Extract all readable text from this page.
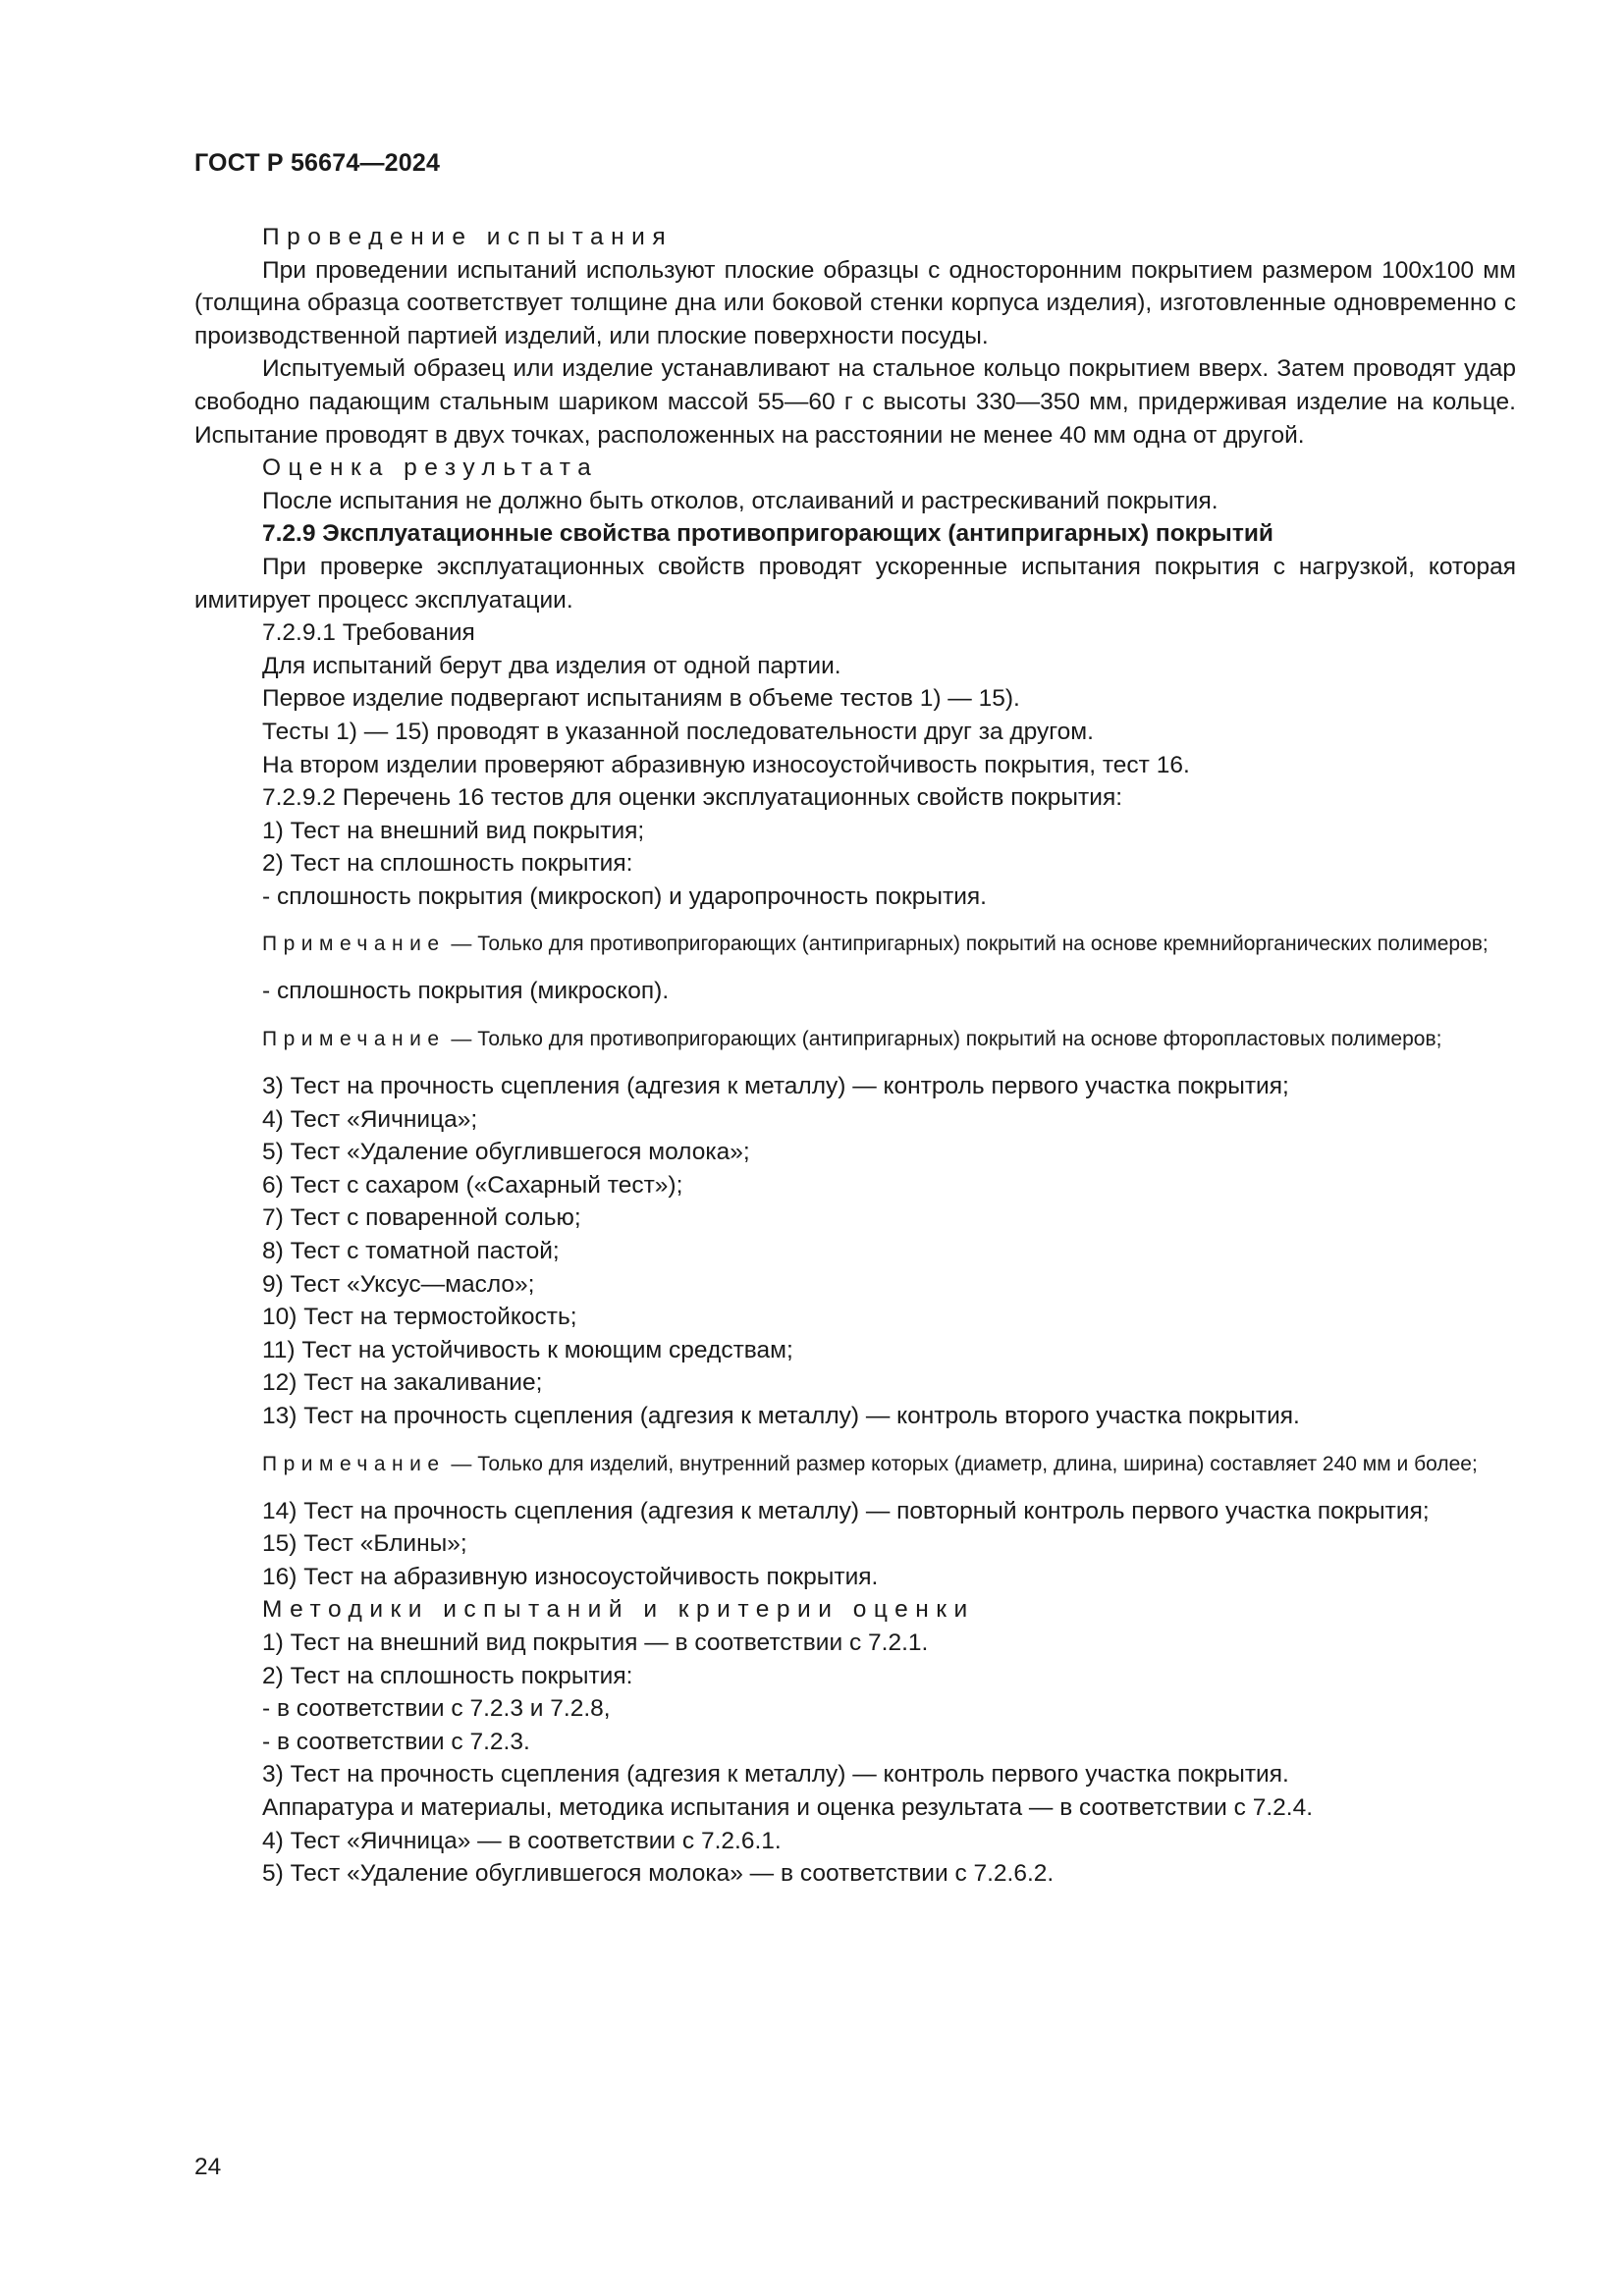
ГОСТ Р 56674—2024

Проведение испытания

При проведении испытаний используют плоские образцы с односторонним покрытием размером 100х100 мм (толщина образца соответствует толщине дна или боковой стенки корпуса изделия), изготовленные одновременно с производственной партией изделий, или плоские поверхности посуды.

Испытуемый образец или изделие устанавливают на стальное кольцо покрытием вверх. Затем проводят удар свободно падающим стальным шариком массой 55—60 г с высоты 330—350 мм, придерживая изделие на кольце. Испытание проводят в двух точках, расположенных на расстоянии не менее 40 мм одна от другой.

Оценка результата

После испытания не должно быть отколов, отслаиваний и растрескиваний покрытия.

7.2.9 Эксплуатационные свойства противопригорающих (антипригарных) покрытий

При проверке эксплуатационных свойств проводят ускоренные испытания покрытия с нагрузкой, которая имитирует процесс эксплуатации.

7.2.9.1 Требования

Для испытаний берут два изделия от одной партии.

Первое изделие подвергают испытаниям в объеме тестов 1) — 15).

Тесты 1) — 15) проводят в указанной последовательности друг за другом.

На втором изделии проверяют абразивную износоустойчивость покрытия, тест 16.

7.2.9.2 Перечень 16 тестов для оценки эксплуатационных свойств покрытия:

1) Тест на внешний вид покрытия;

2) Тест на сплошность покрытия:

- сплошность покрытия (микроскоп) и ударопрочность покрытия.

Примечание — Только для противопригорающих (антипригарных) покрытий на основе кремнийорганических полимеров;

- сплошность покрытия (микроскоп).

Примечание — Только для противопригорающих (антипригарных) покрытий на основе фторопластовых полимеров;

3) Тест на прочность сцепления (адгезия к металлу) — контроль первого участка покрытия;

4) Тест «Яичница»;

5) Тест «Удаление обуглившегося молока»;

6) Тест с сахаром («Сахарный тест»);

7) Тест с поваренной солью;

8) Тест с томатной пастой;

9) Тест «Уксус—масло»;

10) Тест на термостойкость;

11) Тест на устойчивость к моющим средствам;

12) Тест на закаливание;

13) Тест на прочность сцепления (адгезия к металлу) — контроль второго участка покрытия.

Примечание — Только для изделий, внутренний размер которых (диаметр, длина, ширина) составляет 240 мм и более;

14) Тест на прочность сцепления (адгезия к металлу) — повторный контроль первого участка покрытия;

15) Тест «Блины»;

16) Тест на абразивную износоустойчивость покрытия.

Методики испытаний и критерии оценки

1) Тест на внешний вид покрытия — в соответствии с 7.2.1.

2) Тест на сплошность покрытия:

- в соответствии с 7.2.3 и 7.2.8,

- в соответствии с 7.2.3.

3) Тест на прочность сцепления (адгезия к металлу) — контроль первого участка покрытия.

Аппаратура и материалы, методика испытания и оценка результата — в соответствии с 7.2.4.

4) Тест «Яичница» — в соответствии с 7.2.6.1.

5) Тест «Удаление обуглившегося молока» — в соответствии с 7.2.6.2.

24
